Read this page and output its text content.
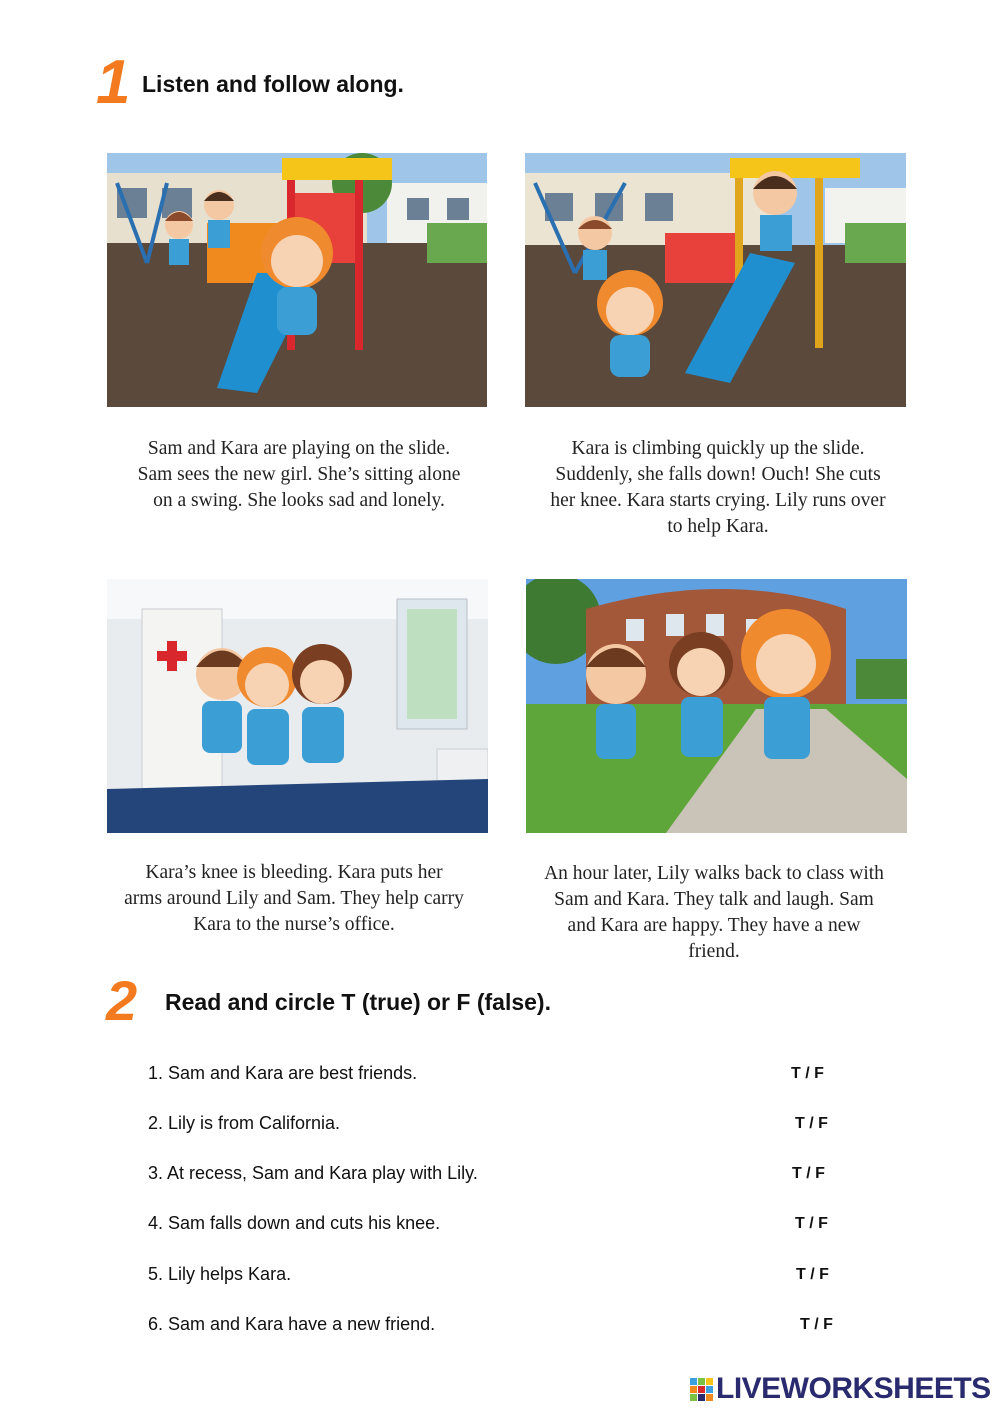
1 Listen and follow along.
Sam and Kara are playing on the slide. Sam sees the new girl. She’s sitting alone on a swing. She looks sad and lonely.
Kara is climbing quickly up the slide. Suddenly, she falls down! Ouch! She cuts her knee. Kara starts crying. Lily runs over to help Kara.
Kara’s knee is bleeding. Kara puts her arms around Lily and Sam. They help carry Kara to the nurse’s office.
An hour later, Lily walks back to class with Sam and Kara. They talk and laugh. Sam and Kara are happy. They have a new friend.
2 Read and circle T (true) or F (false).
1. Sam and Kara are best friends.	T / F
2. Lily is from California.	T / F
3. At recess, Sam and Kara play with Lily.	T / F
4. Sam falls down and cuts his knee.	T / F
5. Lily helps Kara.	T / F
6. Sam and Kara have a new friend.	T / F
LIVEWORKSHEETS
